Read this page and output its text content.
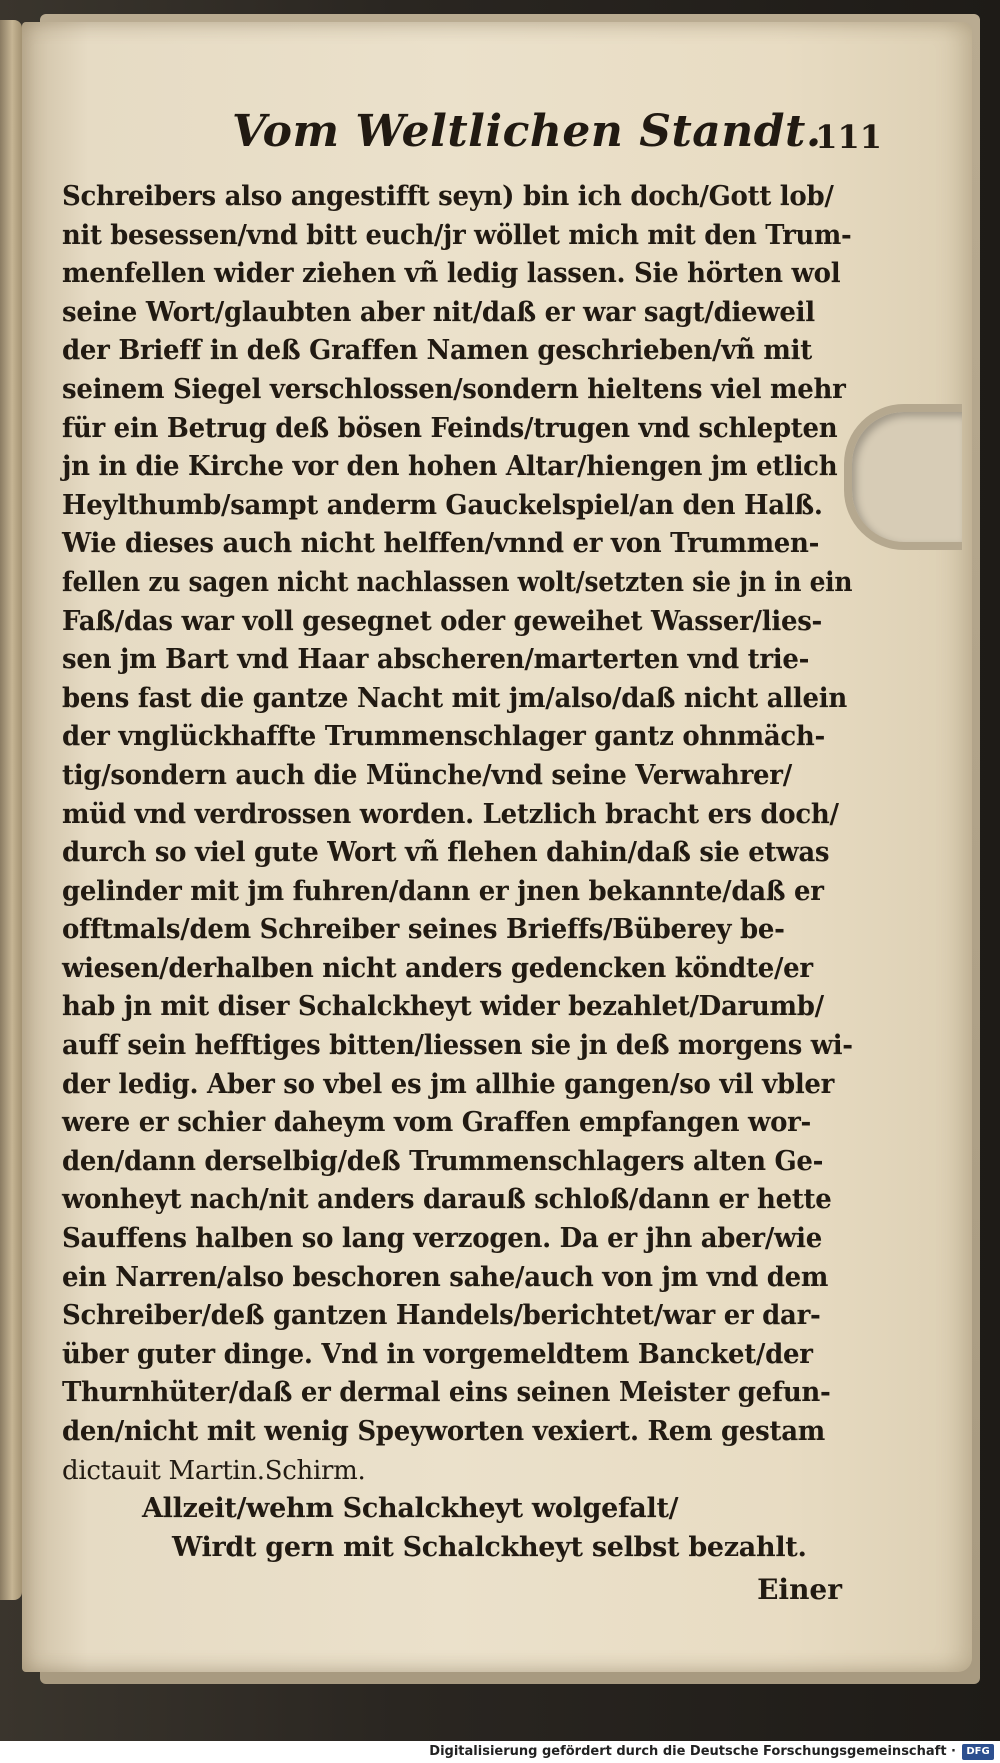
Vom Weltlichen Standt.
111
Schreibers also angestifft seyn) bin ich doch/Gott lob/
nit besessen/vnd bitt euch/jr wöllet mich mit den Trum-
menfellen wider ziehen vñ ledig lassen. Sie hörten wol
seine Wort/glaubten aber nit/daß er war sagt/dieweil
der Brieff in deß Graffen Namen geschrieben/vñ mit
seinem Siegel verschlossen/sondern hieltens viel mehr
für ein Betrug deß bösen Feinds/trugen vnd schlepten
jn in die Kirche vor den hohen Altar/hiengen jm etlich
Heylthumb/sampt anderm Gauckelspiel/an den Halß.
Wie dieses auch nicht helffen/vnnd er von Trummen-
fellen zu sagen nicht nachlassen wolt/setzten sie jn in ein
Faß/das war voll gesegnet oder geweihet Wasser/lies-
sen jm Bart vnd Haar abscheren/marterten vnd trie-
bens fast die gantze Nacht mit jm/also/daß nicht allein
der vnglückhaffte Trummenschlager gantz ohnmäch-
tig/sondern auch die Münche/vnd seine Verwahrer/
müd vnd verdrossen worden. Letzlich bracht ers doch/
durch so viel gute Wort vñ flehen dahin/daß sie etwas
gelinder mit jm fuhren/dann er jnen bekannte/daß er
offtmals/dem Schreiber seines Brieffs/Büberey be-
wiesen/derhalben nicht anders gedencken köndte/er
hab jn mit diser Schalckheyt wider bezahlet/Darumb/
auff sein hefftiges bitten/liessen sie jn deß morgens wi-
der ledig. Aber so vbel es jm allhie gangen/so vil vbler
were er schier daheym vom Graffen empfangen wor-
den/dann derselbig/deß Trummenschlagers alten Ge-
wonheyt nach/nit anders darauß schloß/dann er hette
Sauffens halben so lang verzogen. Da er jhn aber/wie
ein Narren/also beschoren sahe/auch von jm vnd dem
Schreiber/deß gantzen Handels/berichtet/war er dar-
über guter dinge. Vnd in vorgemeldtem Bancket/der
Thurnhüter/daß er dermal eins seinen Meister gefun-
den/nicht mit wenig Speyworten vexiert. Rem gestam
dictauit Martin.Schirm.
Allzeit/wehm Schalckheyt wolgefalt/
Wirdt gern mit Schalckheyt selbst bezahlt.
Einer
Digitalisierung gefördert durch die Deutsche Forschungsgemeinschaft ·	DFG
